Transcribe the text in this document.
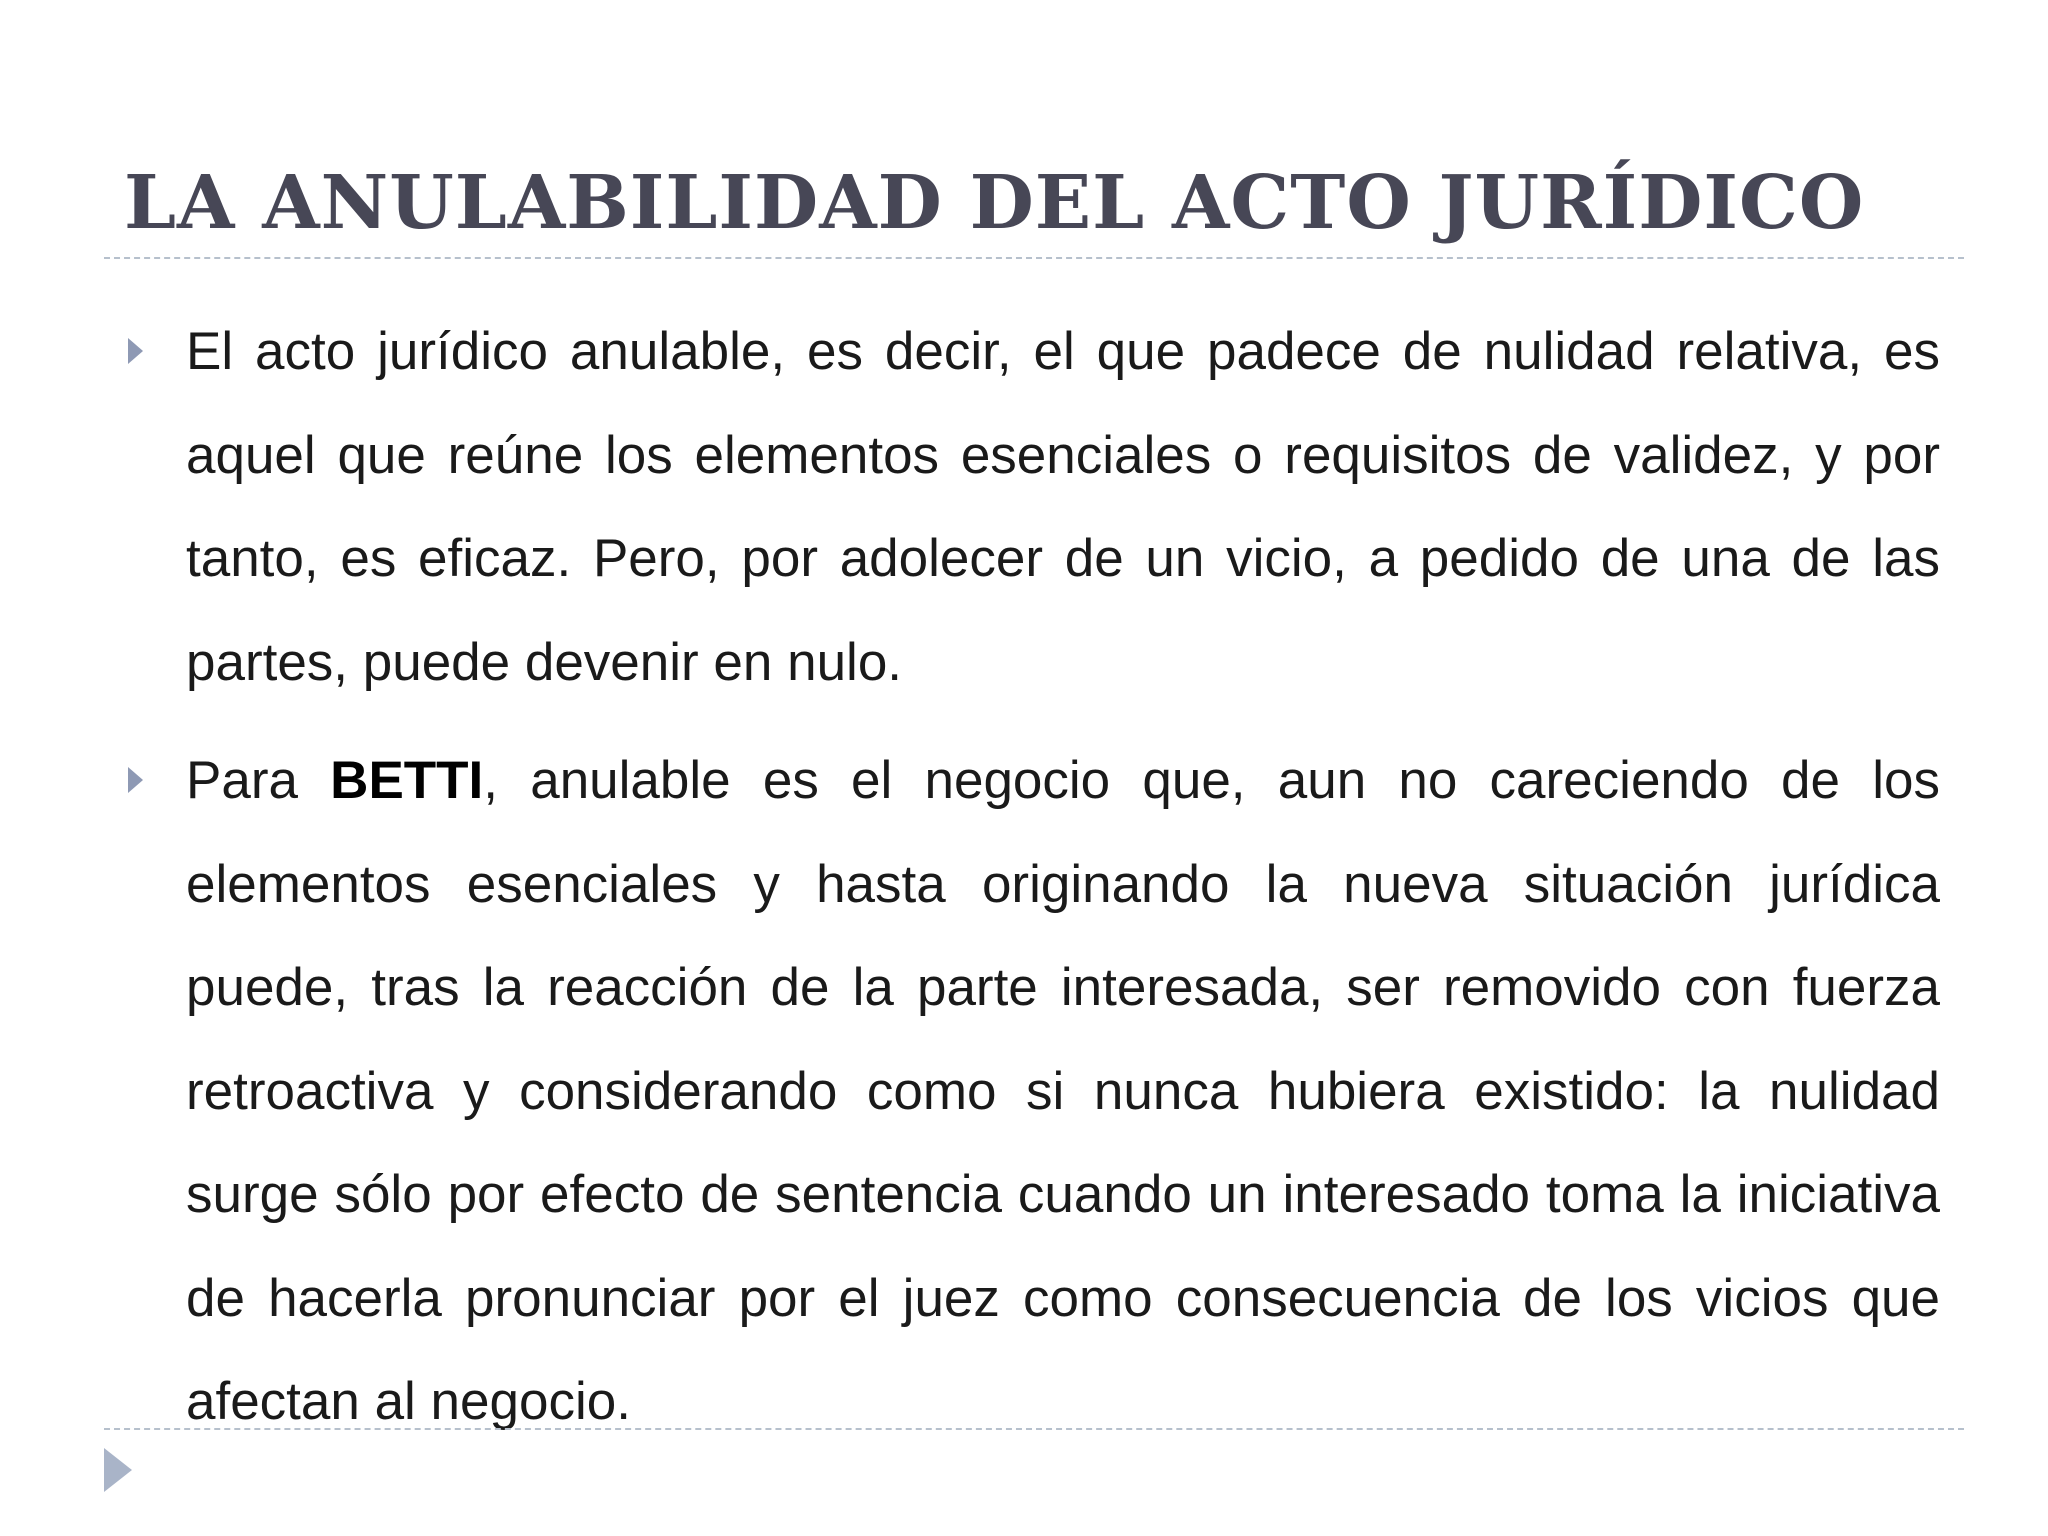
LA ANULABILIDAD DEL ACTO JURÍDICO
El acto jurídico anulable, es decir, el que padece de nulidad relativa, es aquel que reúne los elementos esenciales o requisitos de validez, y por tanto, es eficaz. Pero, por adolecer de un vicio, a pedido de una de las partes, puede devenir en nulo.
Para BETTI, anulable es el negocio que, aun no careciendo de los elementos esenciales y hasta originando la nueva situación jurídica puede, tras la reacción de la parte interesada, ser removido con fuerza retroactiva y considerando como si nunca hubiera existido: la nulidad surge sólo por efecto de sentencia cuando un interesado toma la iniciativa de hacerla pronunciar por el juez como consecuencia de los vicios que afectan al negocio.
